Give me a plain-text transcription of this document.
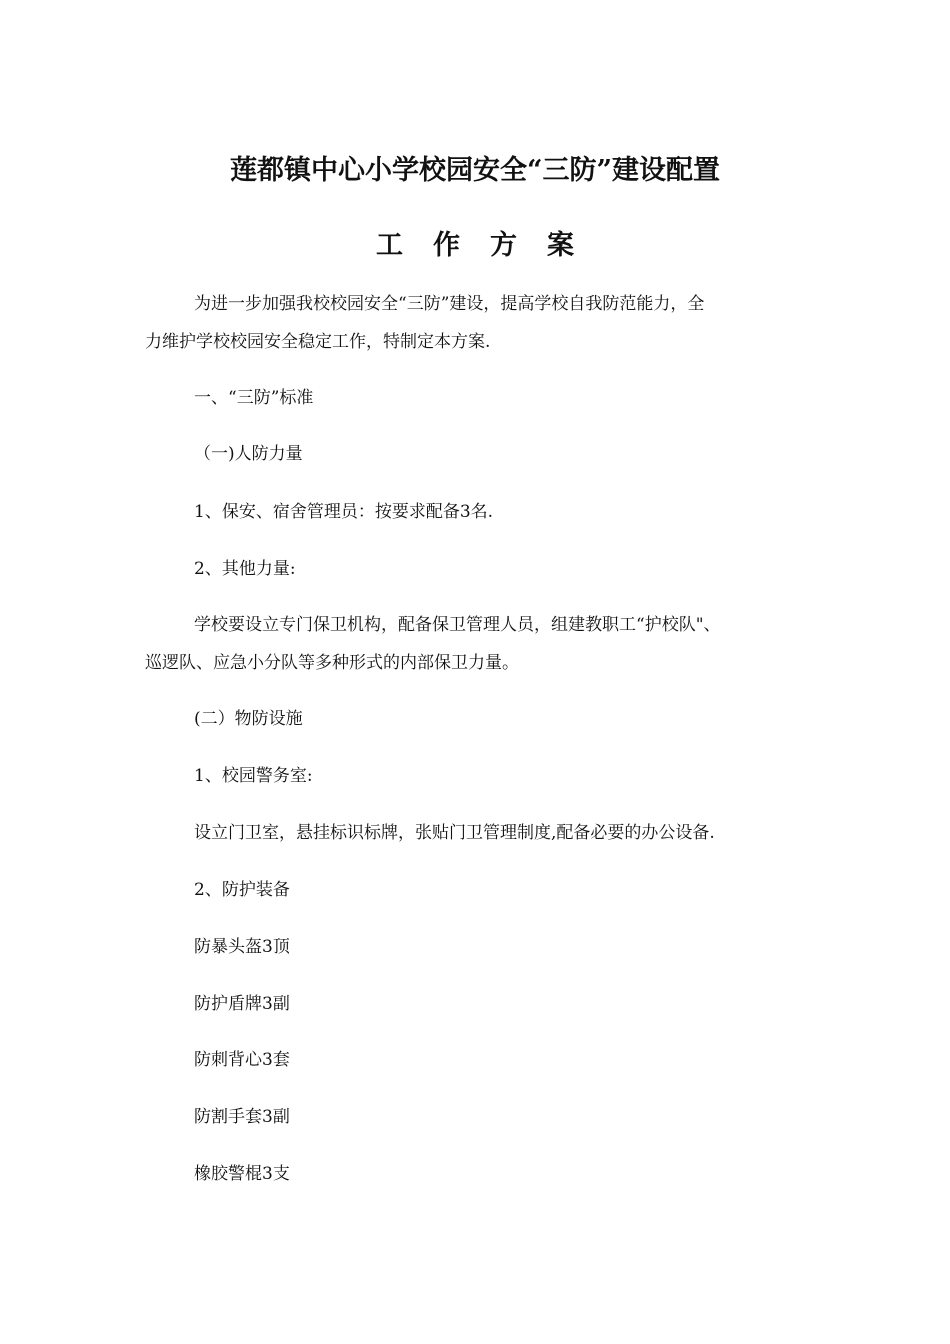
莲都镇中心小学校园安全“三防”建设配置
工作方案

为进一步加强我校校园安全“三防”建设，提高学校自我防范能力，全

力维护学校校园安全稳定工作，特制定本方案.

一、“三防”标准

（一)人防力量

1、保安、宿舍管理员：按要求配备3名.

2、其他力量:

学校要设立专门保卫机构，配备保卫管理人员，组建教职工“护校队"、

巡逻队、应急小分队等多种形式的内部保卫力量。

(二）物防设施

1、校园警务室:

设立门卫室，悬挂标识标牌，张贴门卫管理制度,配备必要的办公设备.

2、防护装备

防暴头盔3顶

防护盾牌3副

防刺背心3套

防割手套3副

橡胶警棍3支
